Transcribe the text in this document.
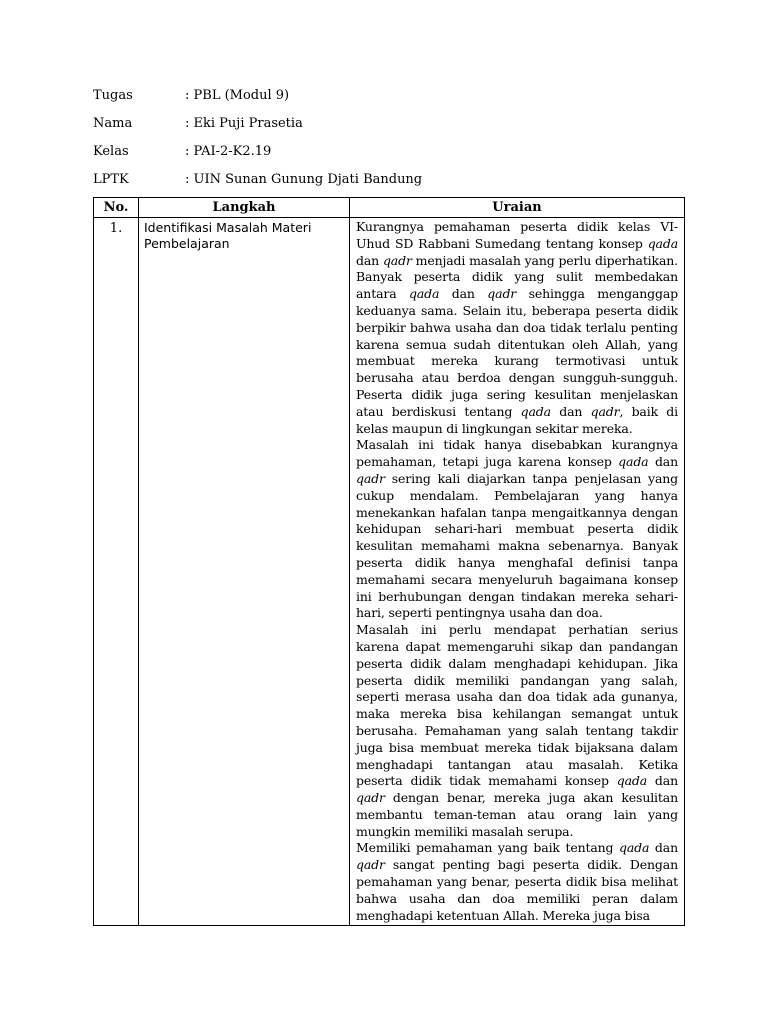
Tugas	: PBL (Modul 9)
Nama	: Eki Puji Prasetia
Kelas	: PAI-2-K2.19
LPTK	: UIN Sunan Gunung Djati Bandung
No.	Langkah	Uraian
1.	Identifikasi Masalah Materi Pembelajaran	Kurangnya pemahaman peserta didik kelas VI-Uhud SD Rabbani Sumedang tentang konsep qada dan qadr menjadi masalah yang perlu diperhatikan. Banyak peserta didik yang sulit membedakan antara qada dan qadr sehingga menganggap keduanya sama. Selain itu, beberapa peserta didik berpikir bahwa usaha dan doa tidak terlalu penting karena semua sudah ditentukan oleh Allah, yang membuat mereka kurang termotivasi untuk berusaha atau berdoa dengan sungguh-sungguh. Peserta didik juga sering kesulitan menjelaskan atau berdiskusi tentang qada dan qadr, baik di kelas maupun di lingkungan sekitar mereka.

Masalah ini tidak hanya disebabkan kurangnya pemahaman, tetapi juga karena konsep qada dan qadr sering kali diajarkan tanpa penjelasan yang cukup mendalam. Pembelajaran yang hanya menekankan hafalan tanpa mengaitkannya dengan kehidupan sehari-hari membuat peserta didik kesulitan memahami makna sebenarnya. Banyak peserta didik hanya menghafal definisi tanpa memahami secara menyeluruh bagaimana konsep ini berhubungan dengan tindakan mereka sehari-hari, seperti pentingnya usaha dan doa.

Masalah ini perlu mendapat perhatian serius karena dapat memengaruhi sikap dan pandangan peserta didik dalam menghadapi kehidupan. Jika peserta didik memiliki pandangan yang salah, seperti merasa usaha dan doa tidak ada gunanya, maka mereka bisa kehilangan semangat untuk berusaha. Pemahaman yang salah tentang takdir juga bisa membuat mereka tidak bijaksana dalam menghadapi tantangan atau masalah. Ketika peserta didik tidak memahami konsep qada dan qadr dengan benar, mereka juga akan kesulitan membantu teman-teman atau orang lain yang mungkin memiliki masalah serupa.

Memiliki pemahaman yang baik tentang qada dan qadr sangat penting bagi peserta didik. Dengan pemahaman yang benar, peserta didik bisa melihat bahwa usaha dan doa memiliki peran dalam menghadapi ketentuan Allah. Mereka juga bisa
